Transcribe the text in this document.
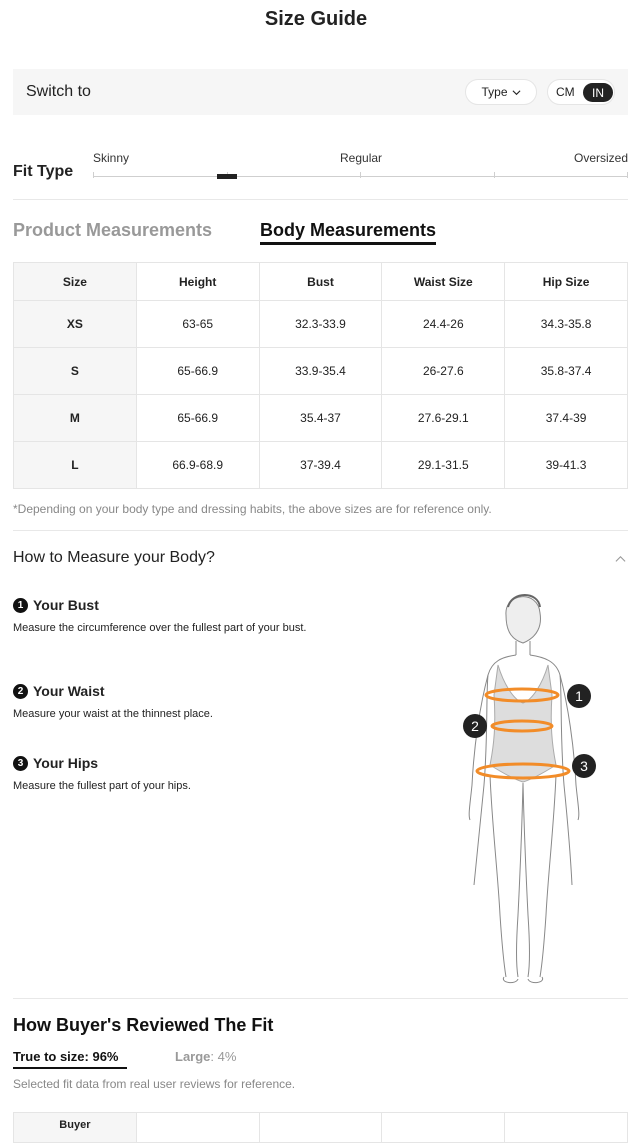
Size Guide
Switch to	Type	CM	IN
Fit Type
Skinny	Regular	Oversized
Product Measurements	Body Measurements
Size	Height	Bust	Waist Size	Hip Size
XS	63-65	32.3-33.9	24.4-26	34.3-35.8
S	65-66.9	33.9-35.4	26-27.6	35.8-37.4
M	65-66.9	35.4-37	27.6-29.1	37.4-39
L	66.9-68.9	37-39.4	29.1-31.5	39-41.3
*Depending on your body type and dressing habits, the above sizes are for reference only.
How to Measure your Body?
1 Your Bust
Measure the circumference over the fullest part of your bust.
2 Your Waist
Measure your waist at the thinnest place.
3 Your Hips
Measure the fullest part of your hips.
1
2
3
How Buyer's Reviewed The Fit
True to size: 96%	Large: 4%
Selected fit data from real user reviews for reference.
Buyer				
